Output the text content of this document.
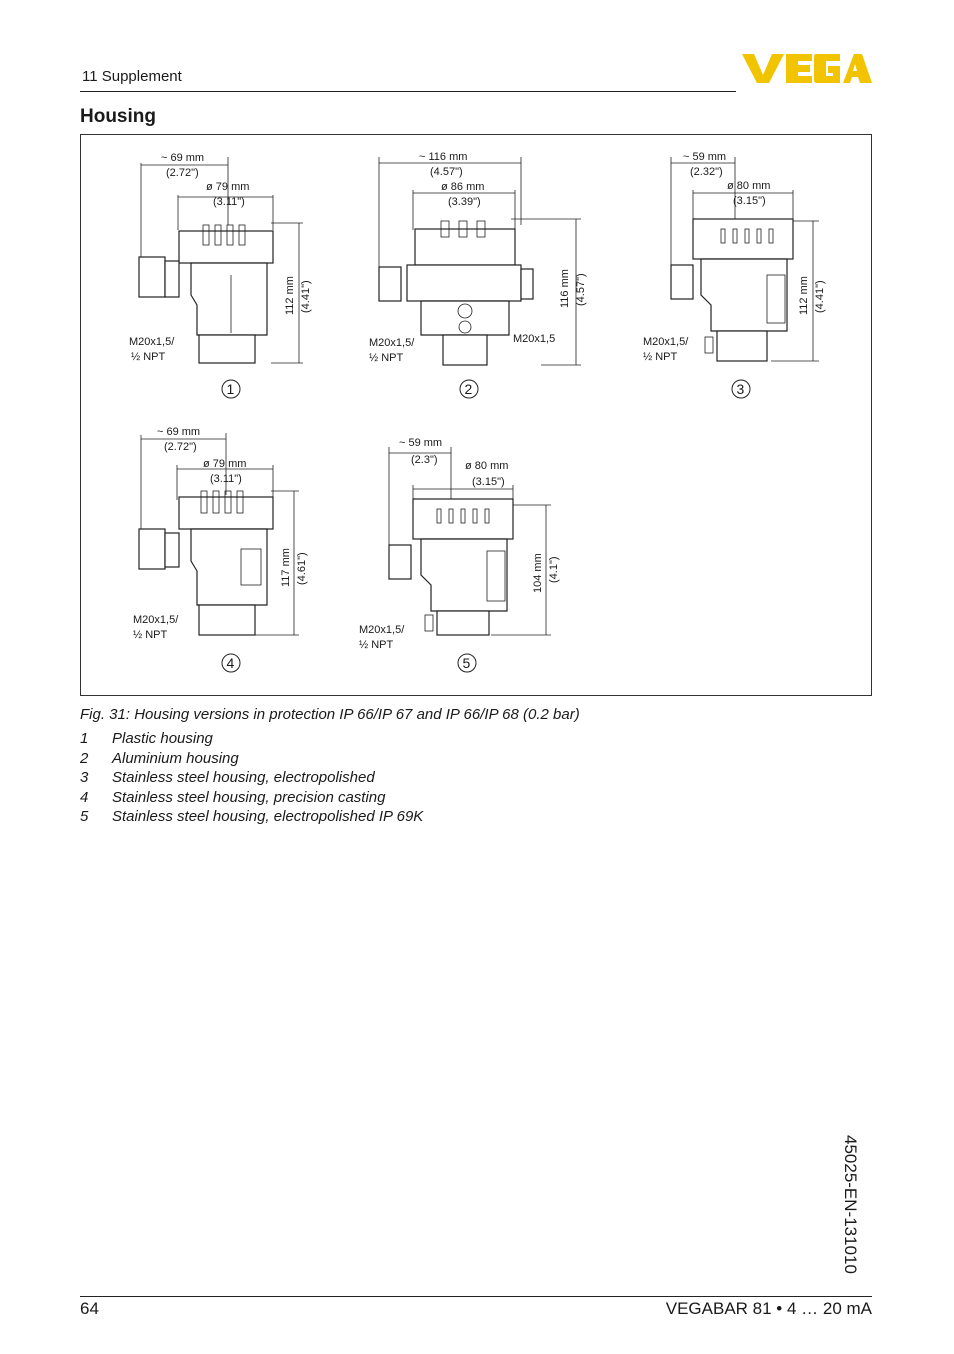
11 Supplement
Housing
~ 69 mm
(2.72")
ø 79 mm
(3.11")
112 mm (4.41")
M20x1,5/
½ NPT
1
~ 116 mm
(4.57")
ø 86 mm
(3.39")
116 mm (4.57")
M20x1,5/
½ NPT
M20x1,5
2
~ 59 mm
(2.32")
ø 80 mm
(3.15")
112 mm (4.41")
M20x1,5/
½ NPT
3
~ 69 mm
(2.72")
ø 79 mm
(3.11")
117 mm (4.61")
M20x1,5/
½ NPT
4
~ 59 mm
(2.3") ø 80 mm
(3.15")
104 mm (4.1")
M20x1,5/
½ NPT
5
Fig. 31: Housing versions in protection IP 66/IP 67 and IP 66/IP 68 (0.2 bar)
1	Plastic housing
2	Aluminium housing
3	Stainless steel housing, electropolished
4	Stainless steel housing, precision casting
5	Stainless steel housing, electropolished IP 69K
45025-EN-131010
64	VEGABAR 81 • 4 … 20 mA
